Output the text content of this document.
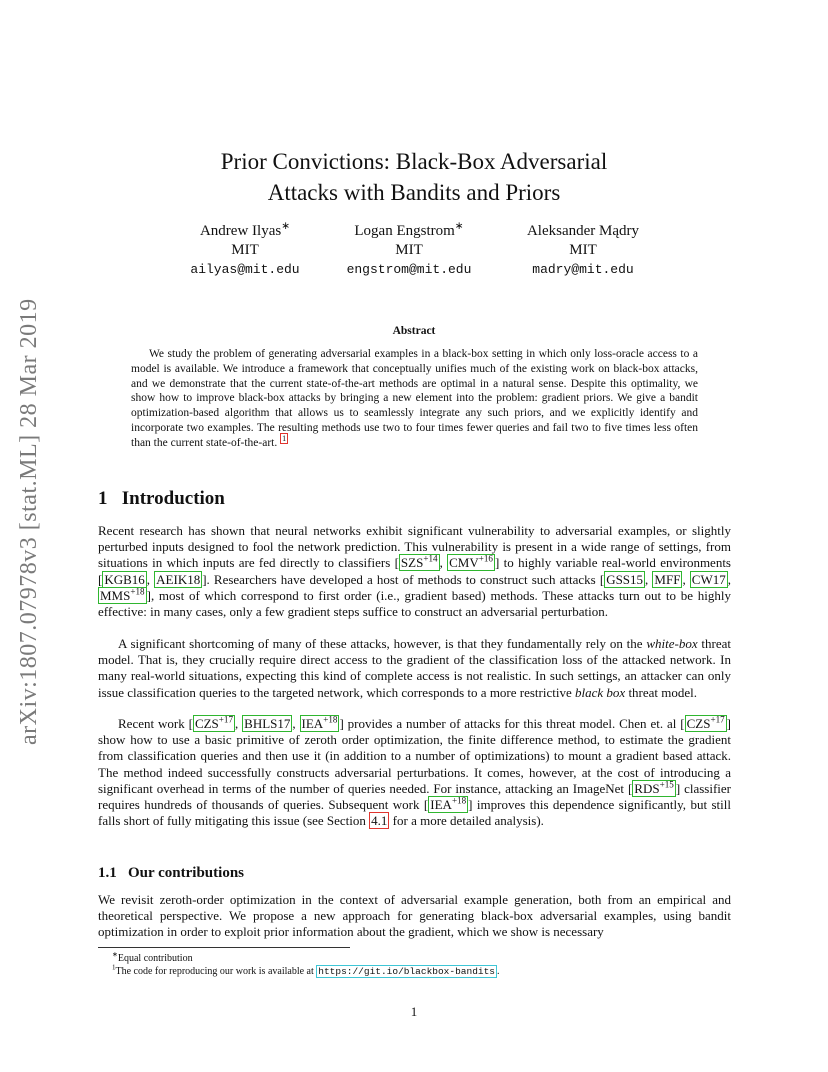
arXiv:1807.07978v3 [stat.ML] 28 Mar 2019
Prior Convictions: Black-Box Adversarial
Attacks with Bandits and Priors
Andrew Ilyas∗
MIT
ailyas@mit.edu
Logan Engstrom∗
MIT
engstrom@mit.edu
Aleksander Mądry
MIT
madry@mit.edu
Abstract
We study the problem of generating adversarial examples in a black-box setting in which only loss-oracle access to a model is available. We introduce a framework that conceptually unifies much of the existing work on black-box attacks, and we demonstrate that the current state-of-the-art methods are optimal in a natural sense. Despite this optimality, we show how to improve black-box attacks by bringing a new element into the problem: gradient priors. We give a bandit optimization-based algorithm that allows us to seamlessly integrate any such priors, and we explicitly identify and incorporate two examples. The resulting methods use two to four times fewer queries and fail two to five times less often than the current state-of-the-art. $^1$
1 Introduction
Recent research has shown that neural networks exhibit significant vulnerability to adversarial examples, or slightly perturbed inputs designed to fool the network prediction. This vulnerability is present in a wide range of settings, from situations in which inputs are fed directly to classifiers [ $SZS^{+14}$ , $CMV^{+16}$ ] to highly variable real-world environments [ KGB16 , AEIK18 ]. Researchers have developed a host of methods to construct such attacks [ GSS15 , MFF , CW17 , $MMS^{+18}$ ], most of which correspond to first order (i.e., gradient based) methods. These attacks turn out to be highly effective: in many cases, only a few gradient steps suffice to construct an adversarial perturbation.
A significant shortcoming of many of these attacks, however, is that they fundamentally rely on the white-box threat model. That is, they crucially require direct access to the gradient of the classification loss of the attacked network. In many real-world situations, expecting this kind of complete access is not realistic. In such settings, an attacker can only issue classification queries to the targeted network, which corresponds to a more restrictive black box threat model.
Recent work [ $CZS^{+17}$ , BHLS17 , $IEA^{+18}$ ] provides a number of attacks for this threat model. Chen et. al [ $CZS^{+17}$ ] show how to use a basic primitive of zeroth order optimization, the finite difference method, to estimate the gradient from classification queries and then use it (in addition to a number of optimizations) to mount a gradient based attack. The method indeed successfully constructs adversarial perturbations. It comes, however, at the cost of introducing a significant overhead in terms of the number of queries needed. For instance, attacking an ImageNet [ $RDS^{+15}$ ] classifier requires hundreds of thousands of queries. Subsequent work [ $IEA^{+18}$ ] improves this dependence significantly, but still falls short of fully mitigating this issue (see Section 4.1 for a more detailed analysis).
1.1 Our contributions
We revisit zeroth-order optimization in the context of adversarial example generation, both from an empirical and theoretical perspective. We propose a new approach for generating black-box adversarial examples, using bandit optimization in order to exploit prior information about the gradient, which we show is necessary
∗Equal contribution
$^1$The code for reproducing our work is available at https://git.io/blackbox-bandits .
1
